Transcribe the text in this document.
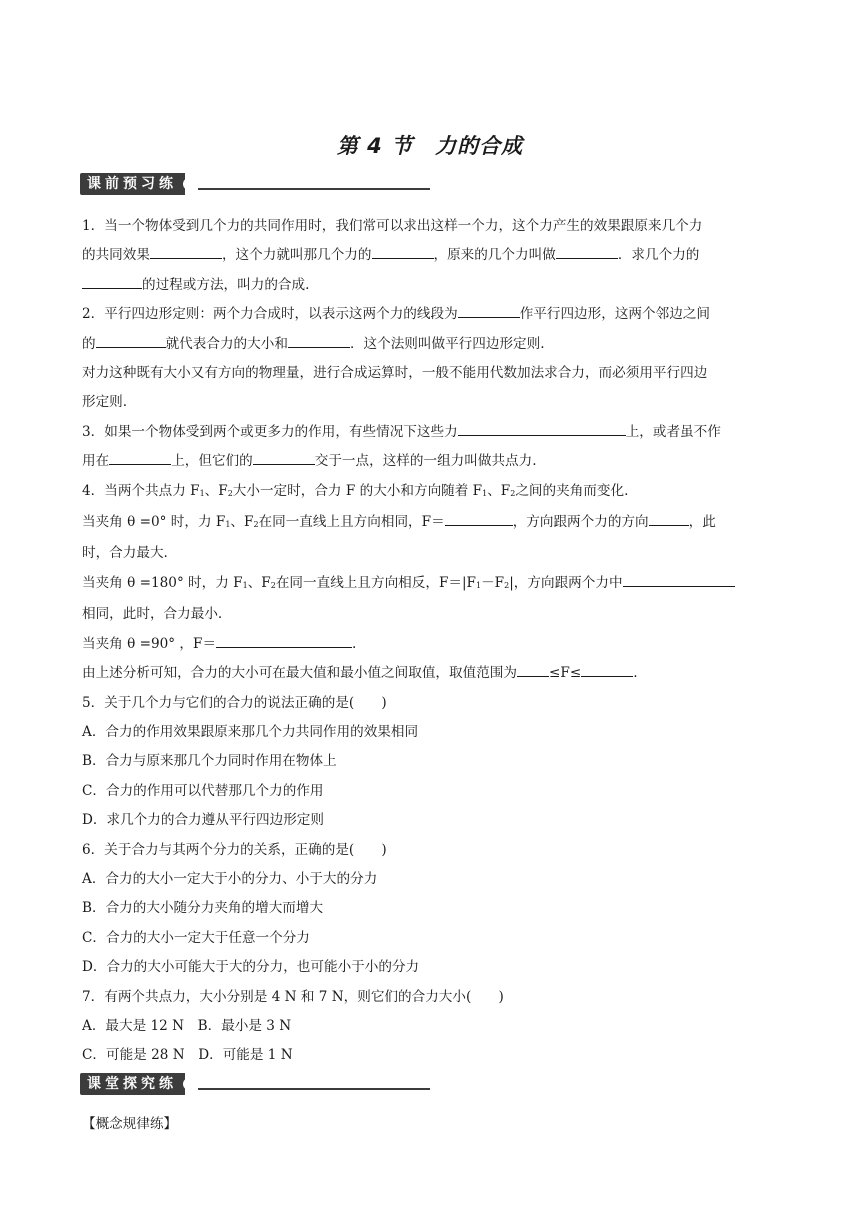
第 4 节　力的合成
课前预习练

1．当一个物体受到几个力的共同作用时，我们常可以求出这样一个力，这个力产生的效果跟原来几个力
的共同效果	，这个力就叫那几个力的	，原来的几个力叫做	．求几个力的
的过程或方法，叫力的合成.

2．平行四边形定则：两个力合成时，以表示这两个力的线段为	作平行四边形，这两个邻边之间
的	就代表合力的大小和	．这个法则叫做平行四边形定则.
对力这种既有大小又有方向的物理量，进行合成运算时，一般不能用代数加法求合力，而必须用平行四边
形定则.

3．如果一个物体受到两个或更多力的作用，有些情况下这些力	上，或者虽不作
用在	上，但它们的	交于一点，这样的一组力叫做共点力.

4．当两个共点力 $F_1$、$F_2$大小一定时，合力 F 的大小和方向随着 $F_1$、$F_2$之间的夹角而变化.
当夹角 θ =0° 时，力 $F_1$、$F_2$在同一直线上且方向相同，F＝	，方向跟两个力的方向	，此
时，合力最大.
当夹角 θ =180° 时，力 $F_1$、$F_2$在同一直线上且方向相反，$F=|F_1-F_2|$，方向跟两个力中
相同，此时，合力最小.
当夹角 θ =90° ，F＝	.
由上述分析可知，合力的大小可在最大值和最小值之间取值，取值范围为 ≤F≤	.

5．关于几个力与它们的合力的说法正确的是(　　)
A．合力的作用效果跟原来那几个力共同作用的效果相同
B．合力与原来那几个力同时作用在物体上
C．合力的作用可以代替那几个力的作用
D．求几个力的合力遵从平行四边形定则

6．关于合力与其两个分力的关系，正确的是(　　)
A．合力的大小一定大于小的分力、小于大的分力
B．合力的大小随分力夹角的增大而增大
C．合力的大小一定大于任意一个分力
D．合力的大小可能大于大的分力，也可能小于小的分力

7．有两个共点力，大小分别是 4 N 和 7 N，则它们的合力大小(　　)
A．最大是 12 N　B．最小是 3 N
C．可能是 28 N　D．可能是 1 N

课堂探究练
【概念规律练】
